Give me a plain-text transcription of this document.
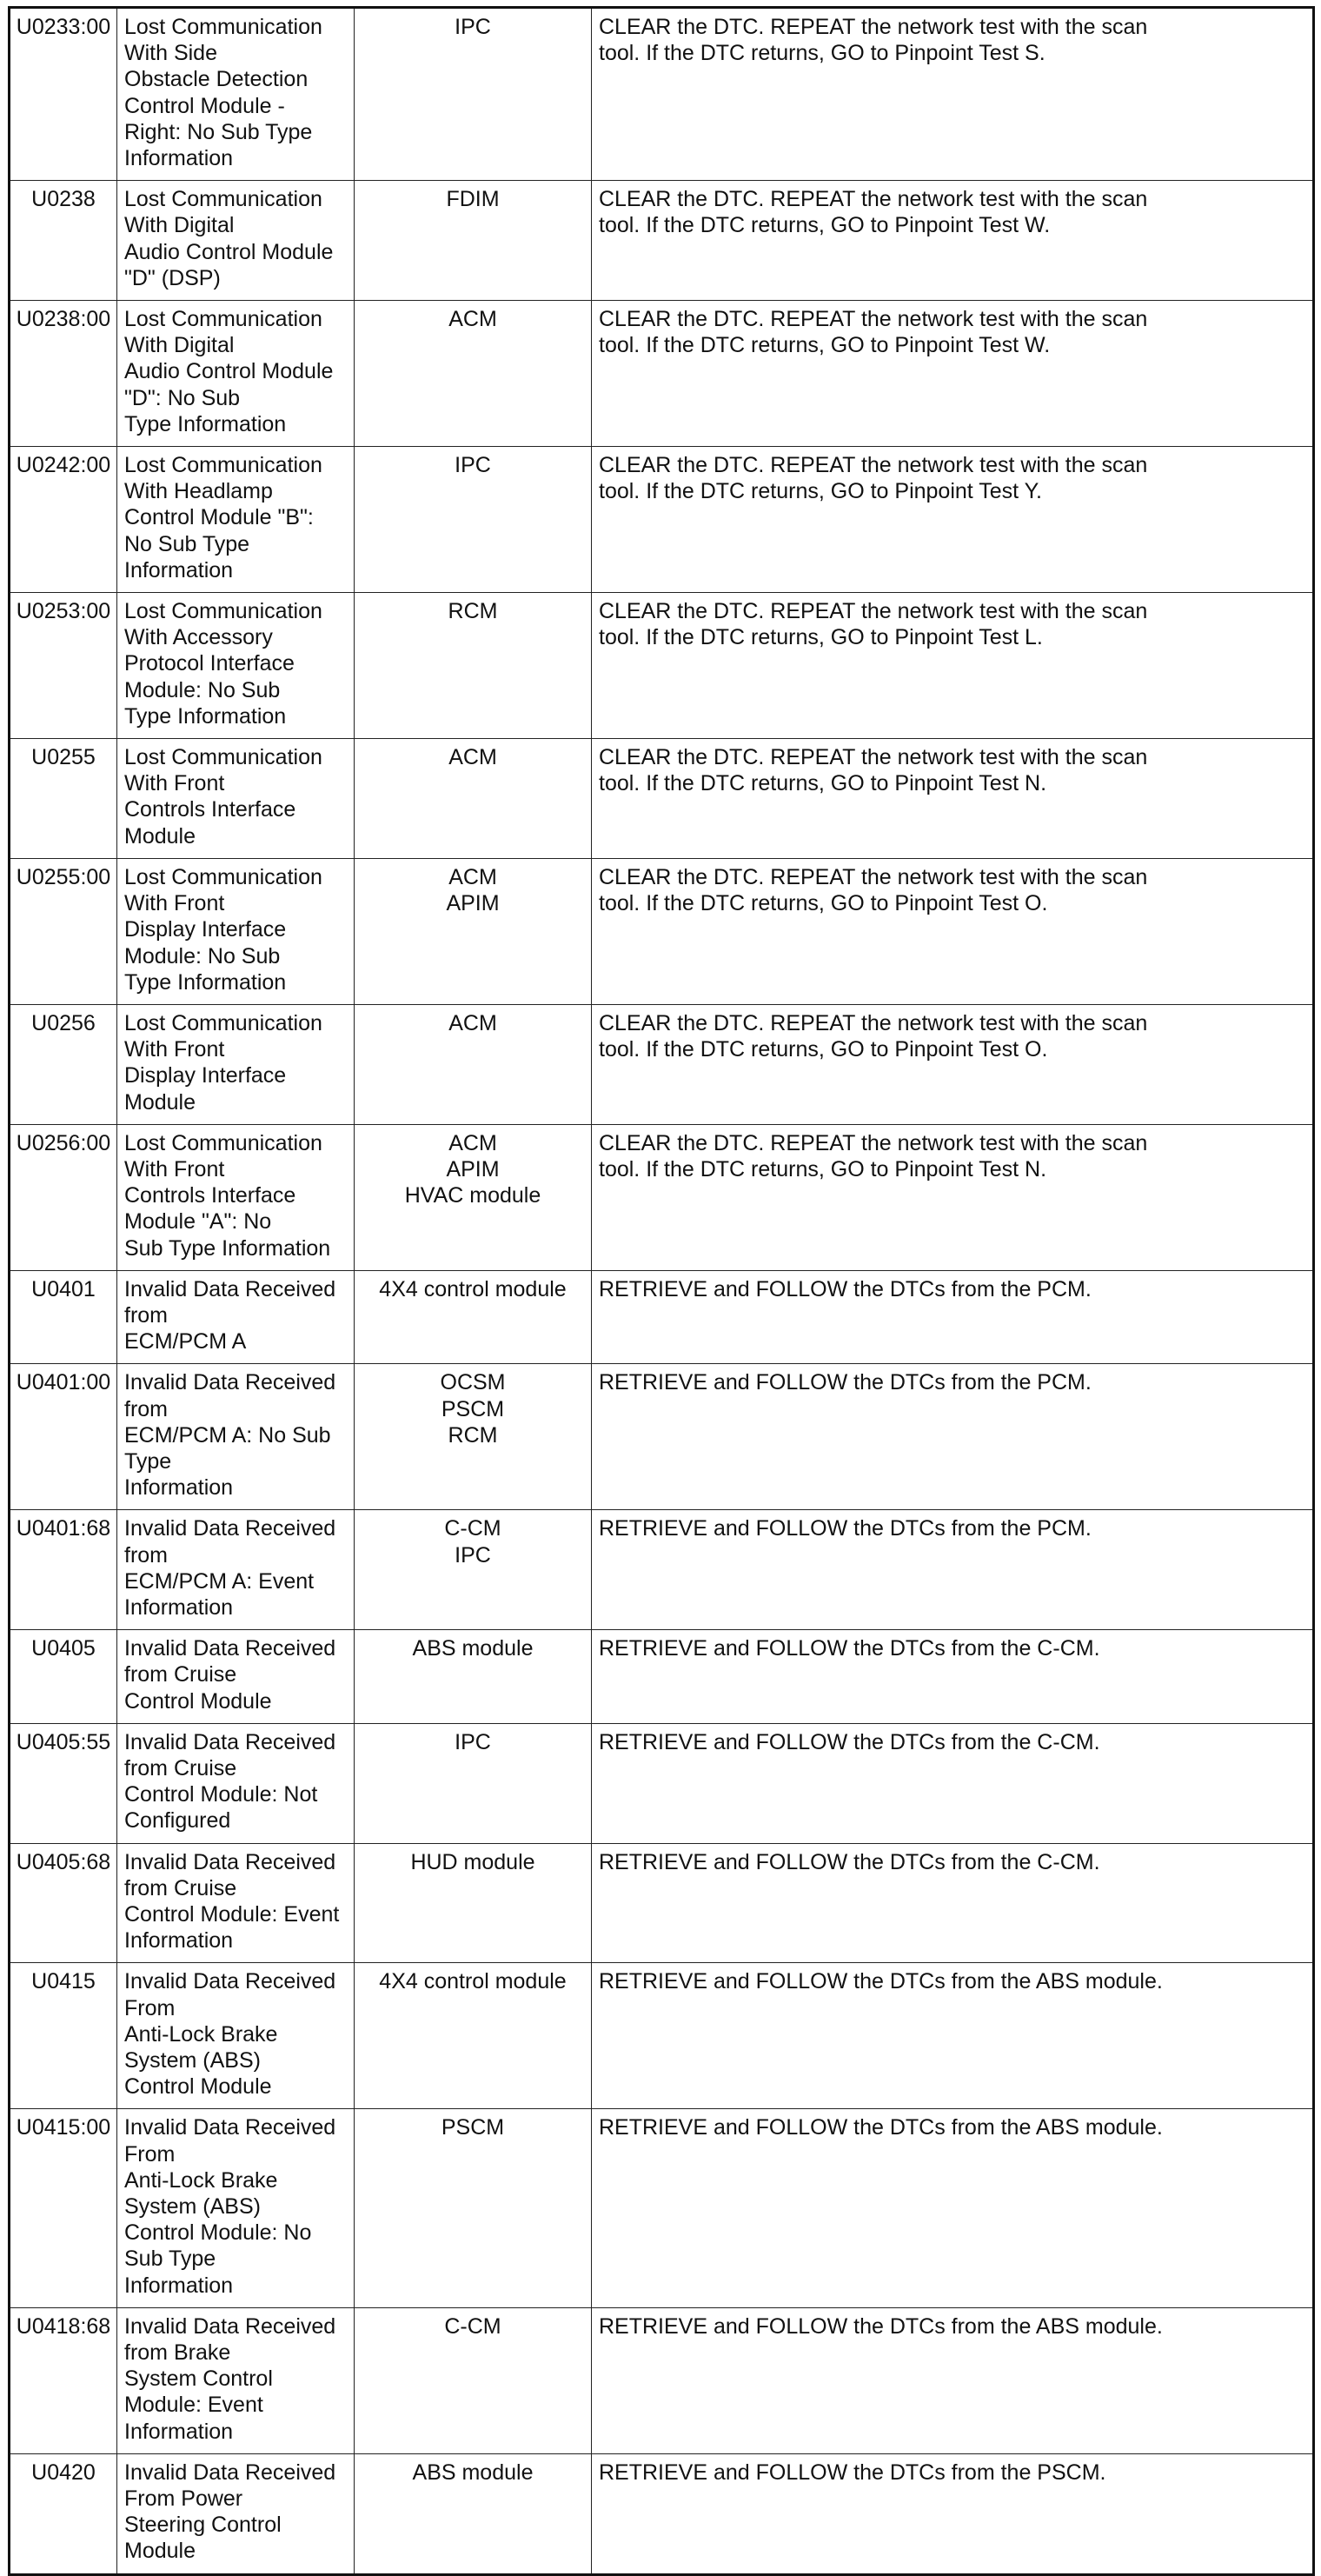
U0233:00	Lost Communication With Side
Obstacle Detection Control Module -
Right: No Sub Type Information	IPC	CLEAR the DTC. REPEAT the network test with the scan
tool. If the DTC returns, GO to Pinpoint Test S.
U0238	Lost Communication With Digital
Audio Control Module "D" (DSP)	FDIM	CLEAR the DTC. REPEAT the network test with the scan
tool. If the DTC returns, GO to Pinpoint Test W.
U0238:00	Lost Communication With Digital
Audio Control Module "D": No Sub
Type Information	ACM	CLEAR the DTC. REPEAT the network test with the scan
tool. If the DTC returns, GO to Pinpoint Test W.
U0242:00	Lost Communication With Headlamp
Control Module "B": No Sub Type
Information	IPC	CLEAR the DTC. REPEAT the network test with the scan
tool. If the DTC returns, GO to Pinpoint Test Y.
U0253:00	Lost Communication With Accessory
Protocol Interface Module: No Sub
Type Information	RCM	CLEAR the DTC. REPEAT the network test with the scan
tool. If the DTC returns, GO to Pinpoint Test L.
U0255	Lost Communication With Front
Controls Interface Module	ACM	CLEAR the DTC. REPEAT the network test with the scan
tool. If the DTC returns, GO to Pinpoint Test N.
U0255:00	Lost Communication With Front
Display Interface Module: No Sub
Type Information	ACM
APIM	CLEAR the DTC. REPEAT the network test with the scan
tool. If the DTC returns, GO to Pinpoint Test O.
U0256	Lost Communication With Front
Display Interface Module	ACM	CLEAR the DTC. REPEAT the network test with the scan
tool. If the DTC returns, GO to Pinpoint Test O.
U0256:00	Lost Communication With Front
Controls Interface Module "A": No
Sub Type Information	ACM
APIM
HVAC module	CLEAR the DTC. REPEAT the network test with the scan
tool. If the DTC returns, GO to Pinpoint Test N.
U0401	Invalid Data Received from
ECM/PCM A	4X4 control module	RETRIEVE and FOLLOW the DTCs from the PCM.
U0401:00	Invalid Data Received from
ECM/PCM A: No Sub Type
Information	OCSM
PSCM
RCM	RETRIEVE and FOLLOW the DTCs from the PCM.
U0401:68	Invalid Data Received from
ECM/PCM A: Event Information	C-CM
IPC	RETRIEVE and FOLLOW the DTCs from the PCM.
U0405	Invalid Data Received from Cruise
Control Module	ABS module	RETRIEVE and FOLLOW the DTCs from the C-CM.
U0405:55	Invalid Data Received from Cruise
Control Module: Not Configured	IPC	RETRIEVE and FOLLOW the DTCs from the C-CM.
U0405:68	Invalid Data Received from Cruise
Control Module: Event Information	HUD module	RETRIEVE and FOLLOW the DTCs from the C-CM.
U0415	Invalid Data Received From
Anti-Lock Brake System (ABS)
Control Module	4X4 control module	RETRIEVE and FOLLOW the DTCs from the ABS module.
U0415:00	Invalid Data Received From
Anti-Lock Brake System (ABS)
Control Module: No Sub Type
Information	PSCM	RETRIEVE and FOLLOW the DTCs from the ABS module.
U0418:68	Invalid Data Received from Brake
System Control Module: Event
Information	C-CM	RETRIEVE and FOLLOW the DTCs from the ABS module.
U0420	Invalid Data Received From Power
Steering Control Module	ABS module	RETRIEVE and FOLLOW the DTCs from the PSCM.
